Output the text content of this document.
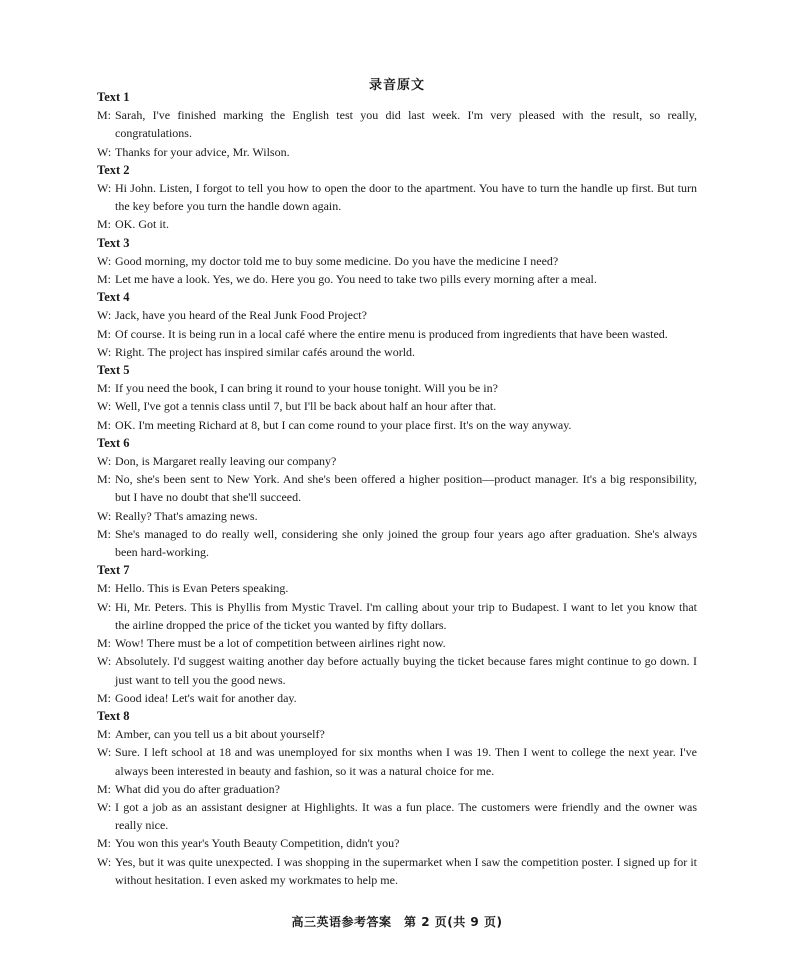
录音原文
Text 1
M: Sarah, I've finished marking the English test you did last week. I'm very pleased with the result, so really, congratulations.
W: Thanks for your advice, Mr. Wilson.
Text 2
W: Hi John. Listen, I forgot to tell you how to open the door to the apartment. You have to turn the handle up first. But turn the key before you turn the handle down again.
M: OK. Got it.
Text 3
W: Good morning, my doctor told me to buy some medicine. Do you have the medicine I need?
M: Let me have a look. Yes, we do. Here you go. You need to take two pills every morning after a meal.
Text 4
W: Jack, have you heard of the Real Junk Food Project?
M: Of course. It is being run in a local café where the entire menu is produced from ingredients that have been wasted.
W: Right. The project has inspired similar cafés around the world.
Text 5
M: If you need the book, I can bring it round to your house tonight. Will you be in?
W: Well, I've got a tennis class until 7, but I'll be back about half an hour after that.
M: OK. I'm meeting Richard at 8, but I can come round to your place first. It's on the way anyway.
Text 6
W: Don, is Margaret really leaving our company?
M: No, she's been sent to New York. And she's been offered a higher position—product manager. It's a big responsibility, but I have no doubt that she'll succeed.
W: Really? That's amazing news.
M: She's managed to do really well, considering she only joined the group four years ago after graduation. She's always been hard-working.
Text 7
M: Hello. This is Evan Peters speaking.
W: Hi, Mr. Peters. This is Phyllis from Mystic Travel. I'm calling about your trip to Budapest. I want to let you know that the airline dropped the price of the ticket you wanted by fifty dollars.
M: Wow! There must be a lot of competition between airlines right now.
W: Absolutely. I'd suggest waiting another day before actually buying the ticket because fares might continue to go down. I just want to tell you the good news.
M: Good idea! Let's wait for another day.
Text 8
M: Amber, can you tell us a bit about yourself?
W: Sure. I left school at 18 and was unemployed for six months when I was 19. Then I went to college the next year. I've always been interested in beauty and fashion, so it was a natural choice for me.
M: What did you do after graduation?
W: I got a job as an assistant designer at Highlights. It was a fun place. The customers were friendly and the owner was really nice.
M: You won this year's Youth Beauty Competition, didn't you?
W: Yes, but it was quite unexpected. I was shopping in the supermarket when I saw the competition poster. I signed up for it without hesitation. I even asked my workmates to help me.
高三英语参考答案　第 2 页(共 9 页)
